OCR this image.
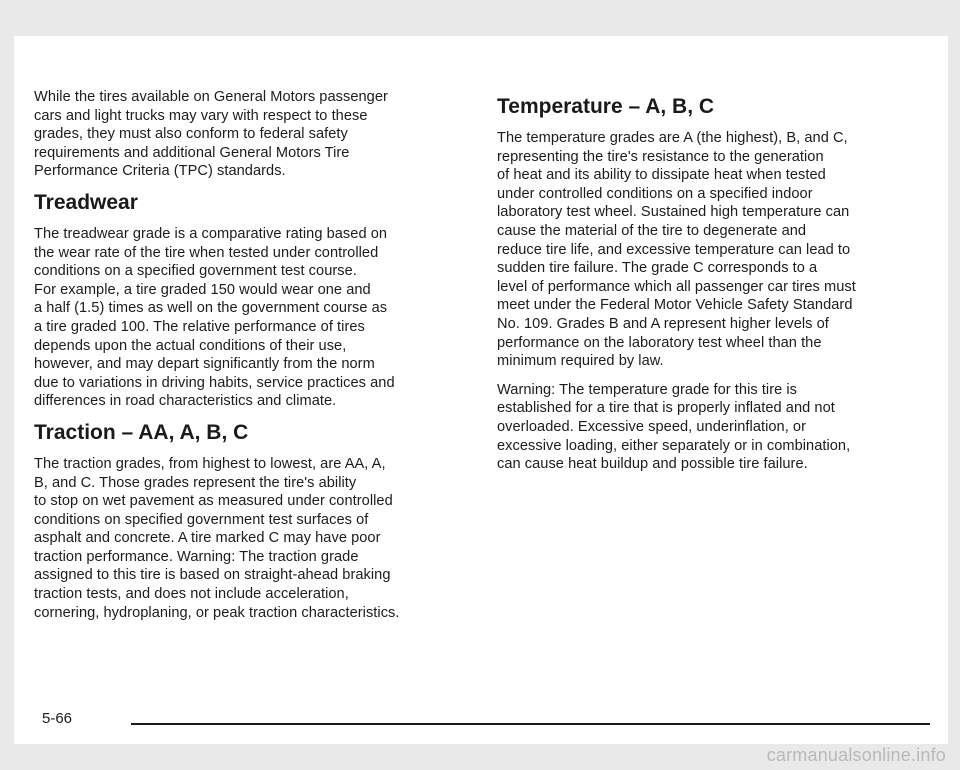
While the tires available on General Motors passenger
cars and light trucks may vary with respect to these
grades, they must also conform to federal safety
requirements and additional General Motors Tire
Performance Criteria (TPC) standards.

Treadwear

The treadwear grade is a comparative rating based on
the wear rate of the tire when tested under controlled
conditions on a specified government test course.
For example, a tire graded 150 would wear one and
a half (1.5) times as well on the government course as
a tire graded 100. The relative performance of tires
depends upon the actual conditions of their use,
however, and may depart significantly from the norm
due to variations in driving habits, service practices and
differences in road characteristics and climate.

Traction – AA, A, B, C

The traction grades, from highest to lowest, are AA, A,
B, and C. Those grades represent the tire's ability
to stop on wet pavement as measured under controlled
conditions on specified government test surfaces of
asphalt and concrete. A tire marked C may have poor
traction performance. Warning: The traction grade
assigned to this tire is based on straight-ahead braking
traction tests, and does not include acceleration,
cornering, hydroplaning, or peak traction characteristics.

Temperature – A, B, C

The temperature grades are A (the highest), B, and C,
representing the tire's resistance to the generation
of heat and its ability to dissipate heat when tested
under controlled conditions on a specified indoor
laboratory test wheel. Sustained high temperature can
cause the material of the tire to degenerate and
reduce tire life, and excessive temperature can lead to
sudden tire failure. The grade C corresponds to a
level of performance which all passenger car tires must
meet under the Federal Motor Vehicle Safety Standard
No. 109. Grades B and A represent higher levels of
performance on the laboratory test wheel than the
minimum required by law.

Warning: The temperature grade for this tire is
established for a tire that is properly inflated and not
overloaded. Excessive speed, underinflation, or
excessive loading, either separately or in combination,
can cause heat buildup and possible tire failure.

5-66
carmanualsonline.info
